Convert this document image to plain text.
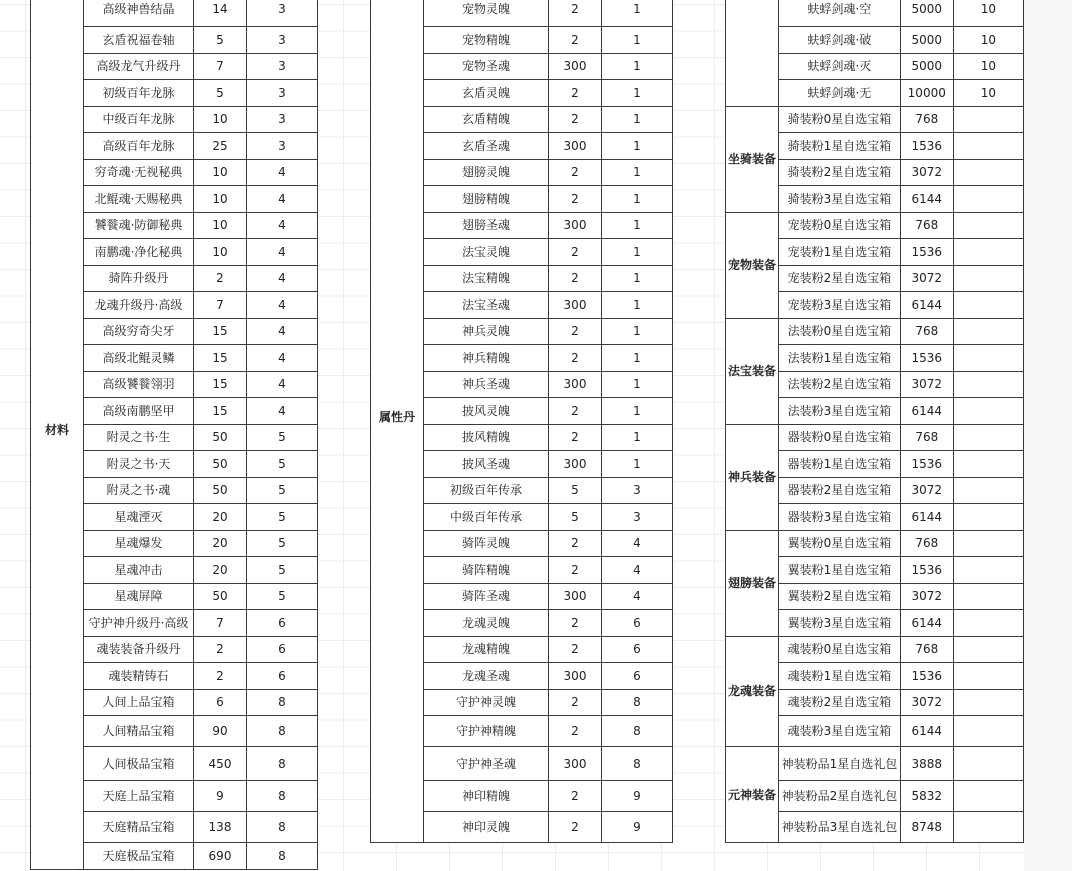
材料	高级神兽结晶	14	3
	玄盾祝福卷轴	5	3
	高级龙气升级丹	7	3
	初级百年龙脉	5	3
	中级百年龙脉	10	3
	高级百年龙脉	25	3
	穷奇魂·无视秘典	10	4
	北鲲魂·天赐秘典	10	4
	饕餮魂·防御秘典	10	4
	南鹏魂·净化秘典	10	4
	骑阵升级丹	2	4
	龙魂升级丹·高级	7	4
	高级穷奇尖牙	15	4
	高级北鲲灵鳞	15	4
	高级饕餮翎羽	15	4
	高级南鹏坚甲	15	4
	附灵之书·生	50	5
	附灵之书·天	50	5
	附灵之书·魂	50	5
	星魂湮灭	20	5
	星魂爆发	20	5
	星魂冲击	20	5
	星魂屏障	50	5
	守护神升级丹·高级	7	6
	魂装装备升级丹	2	6
	魂装精铸石	2	6
	人间上品宝箱	6	8
	人间精品宝箱	90	8
	人间极品宝箱	450	8
	天庭上品宝箱	9	8
	天庭精品宝箱	138	8
	天庭极品宝箱	690	8
属性丹	宠物灵魄	2	1
	宠物精魄	2	1
	宠物圣魂	300	1
	玄盾灵魄	2	1
	玄盾精魄	2	1
	玄盾圣魂	300	1
	翅膀灵魄	2	1
	翅膀精魄	2	1
	翅膀圣魂	300	1
	法宝灵魄	2	1
	法宝精魄	2	1
	法宝圣魂	300	1
	神兵灵魄	2	1
	神兵精魄	2	1
	神兵圣魂	300	1
	披风灵魄	2	1
	披风精魄	2	1
	披风圣魂	300	1
	初级百年传承	5	3
	中级百年传承	5	3
	骑阵灵魄	2	4
	骑阵精魄	2	4
	骑阵圣魂	300	4
	龙魂灵魄	2	6
	龙魂精魄	2	6
	龙魂圣魂	300	6
	守护神灵魄	2	8
	守护神精魄	2	8
	守护神圣魂	300	8
	神印精魄	2	9
	神印灵魄	2	9
	蚨蜉剑魂·空	5000	10
	蚨蜉剑魂·破	5000	10
	蚨蜉剑魂·灭	5000	10
	蚨蜉剑魂·无	10000	10
坐骑装备	骑装粉0星自选宝箱	768	
	骑装粉1星自选宝箱	1536	
	骑装粉2星自选宝箱	3072	
	骑装粉3星自选宝箱	6144	
宠物装备	宠装粉0星自选宝箱	768	
	宠装粉1星自选宝箱	1536	
	宠装粉2星自选宝箱	3072	
	宠装粉3星自选宝箱	6144	
法宝装备	法装粉0星自选宝箱	768	
	法装粉1星自选宝箱	1536	
	法装粉2星自选宝箱	3072	
	法装粉3星自选宝箱	6144	
神兵装备	器装粉0星自选宝箱	768	
	器装粉1星自选宝箱	1536	
	器装粉2星自选宝箱	3072	
	器装粉3星自选宝箱	6144	
翅膀装备	翼装粉0星自选宝箱	768	
	翼装粉1星自选宝箱	1536	
	翼装粉2星自选宝箱	3072	
	翼装粉3星自选宝箱	6144	
龙魂装备	魂装粉0星自选宝箱	768	
	魂装粉1星自选宝箱	1536	
	魂装粉2星自选宝箱	3072	
	魂装粉3星自选宝箱	6144	
元神装备	神装粉品1星自选礼包	3888	
	神装粉品2星自选礼包	5832	
	神装粉品3星自选礼包	8748	
